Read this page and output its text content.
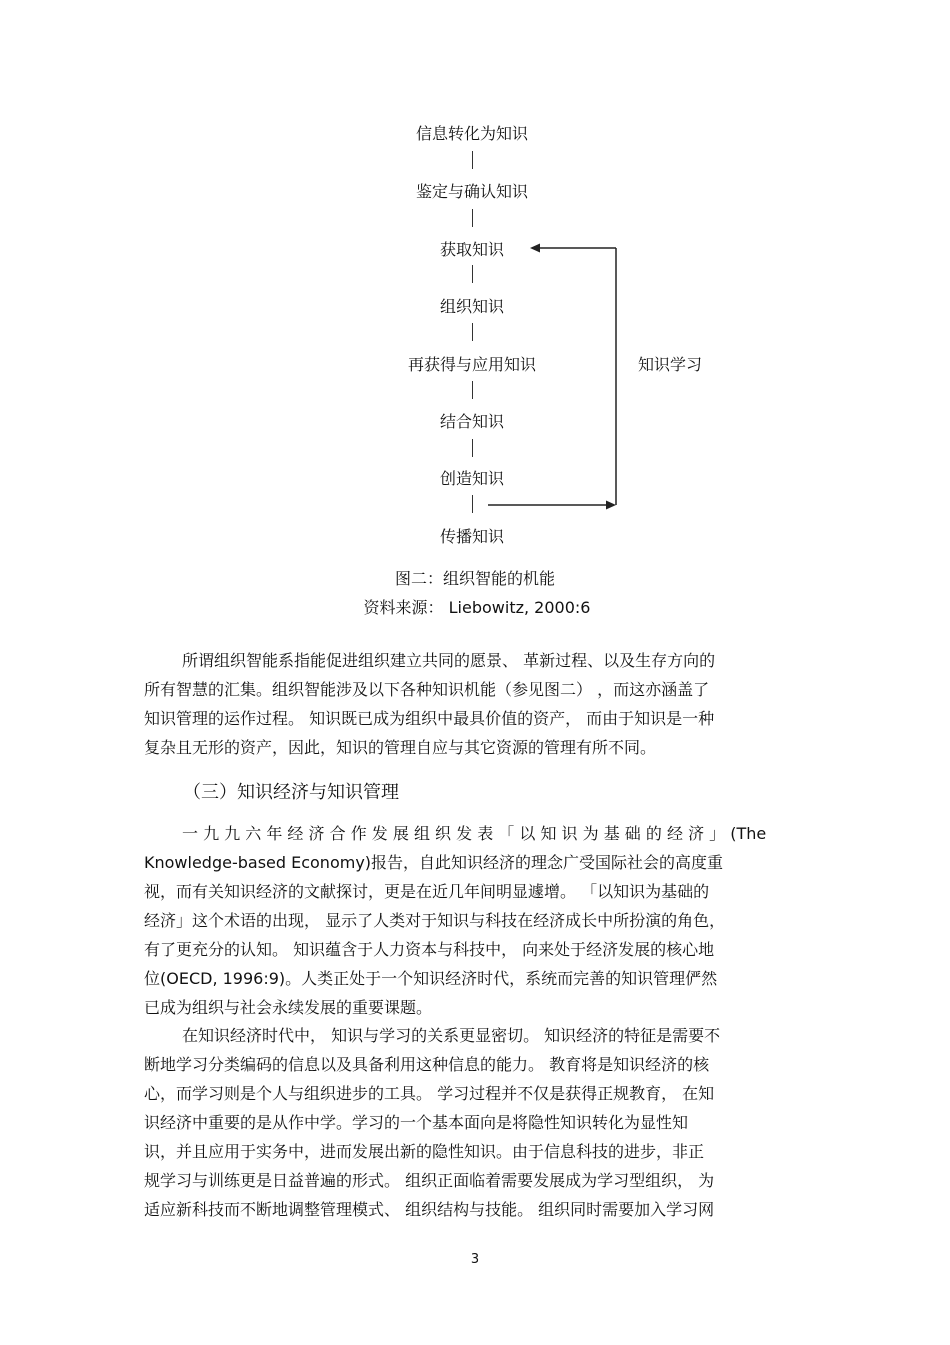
信息转化为知识
鉴定与确认知识
获取知识
组织知识
再获得与应用知识
结合知识
创造知识
传播知识
知识学习
图二：组织智能的机能
资料来源： Liebowitz, 2000:6
所谓组织智能系指能促进组织建立共同的愿景、 革新过程、以及生存方向的
所有智慧的汇集。组织智能涉及以下各种知识机能（参见图二） ，而这亦涵盖了
知识管理的运作过程。 知识既已成为组织中最具价值的资产， 而由于知识是一种
复杂且无形的资产，因此，知识的管理自应与其它资源的管理有所不同。
（三）知识经济与知识管理
一 九 九 六 年 经 济 合 作 发 展 组 织 发 表 「 以 知 识 为 基 础 的 经 济 」 (The
Knowledge-based Economy)报告，自此知识经济的理念广受国际社会的高度重
视，而有关知识经济的文献探讨，更是在近几年间明显遽增。 「以知识为基础的
经济」这个术语的出现， 显示了人类对于知识与科技在经济成长中所扮演的角色，
有了更充分的认知。 知识蕴含于人力资本与科技中， 向来处于经济发展的核心地
位(OECD, 1996:9)。人类正处于一个知识经济时代，系统而完善的知识管理俨然
已成为组织与社会永续发展的重要课题。
在知识经济时代中， 知识与学习的关系更显密切。 知识经济的特征是需要不
断地学习分类编码的信息以及具备利用这种信息的能力。 教育将是知识经济的核
心，而学习则是个人与组织进步的工具。 学习过程并不仅是获得正规教育， 在知
识经济中重要的是从作中学。学习的一个基本面向是将隐性知识转化为显性知
识，并且应用于实务中，进而发展出新的隐性知识。由于信息科技的进步，非正
规学习与训练更是日益普遍的形式。 组织正面临着需要发展成为学习型组织， 为
适应新科技而不断地调整管理模式、 组织结构与技能。 组织同时需要加入学习网
3
